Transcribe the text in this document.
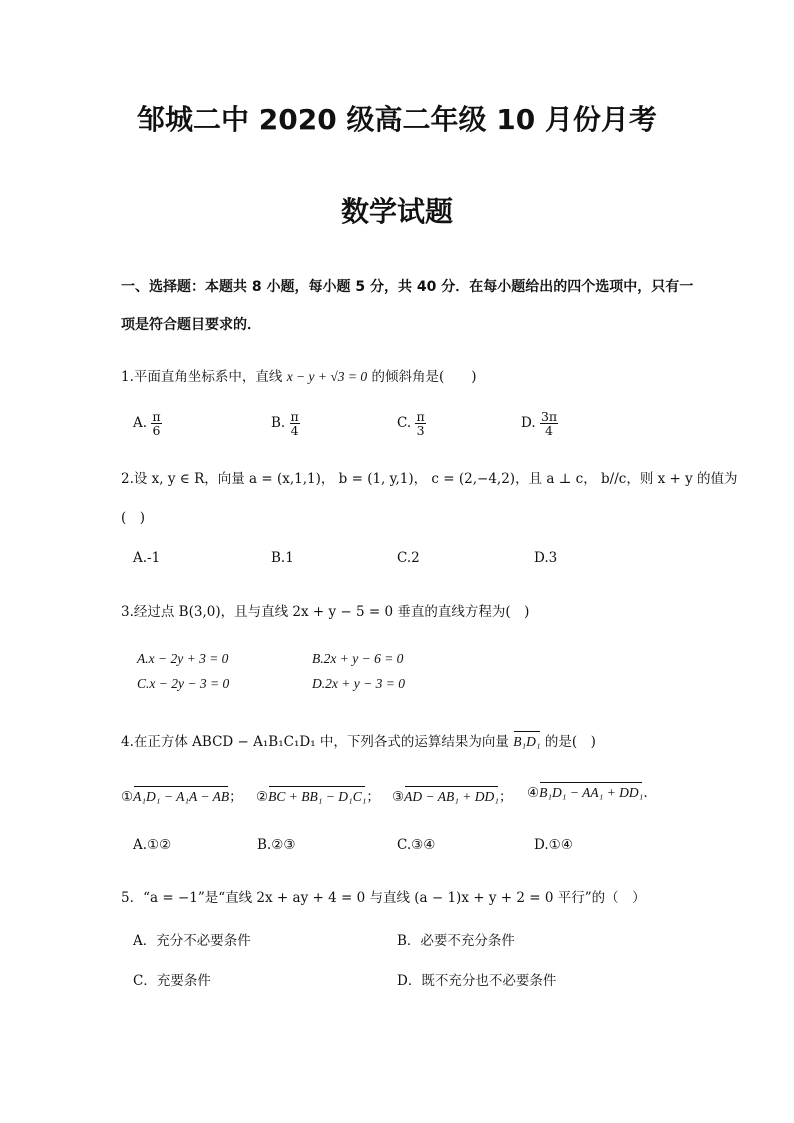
邹城二中 2020 级高二年级 10 月份月考
数学试题
一、选择题：本题共 8 小题，每小题 5 分，共 40 分．在每小题给出的四个选项中，只有一
项是符合题目要求的．
1.平面直角坐标系中，直线 x − y + √3 = 0 的倾斜角是(　　)
A. $\frac{\pi}{6}$	B. $\frac{\pi}{4}$	C. $\frac{\pi}{3}$	D. $\frac{3\pi}{4}$
2.设 x, y ∈ R，向量 a = (x,1,1)， b = (1, y,1)， c = (2,−4,2)，且 a ⊥ c， b//c，则 x + y 的值为
(　)
A.-1	B.1	C.2	D.3
3.经过点 B(3,0)，且与直线 2x + y − 5 = 0 垂直的直线方程为(　)
A.x − 2y + 3 = 0	B.2x + y − 6 = 0
C.x − 2y − 3 = 0	D.2x + y − 3 = 0
4.在正方体 ABCD − A₁B₁C₁D₁ 中，下列各式的运算结果为向量 B₁D₁ 的是(　)
①A₁D₁ − A₁A − AB； ②BC + BB₁ − D₁C₁； ③AD − AB₁ + DD₁； ④B₁D₁ − AA₁ + DD₁.
A.①②	B.②③	C.③④	D.①④
5．“a = −1”是“直线 2x + ay + 4 = 0 与直线 (a − 1)x + y + 2 = 0 平行”的（　）
A．充分不必要条件	B．必要不充分条件
C．充要条件	D．既不充分也不必要条件
